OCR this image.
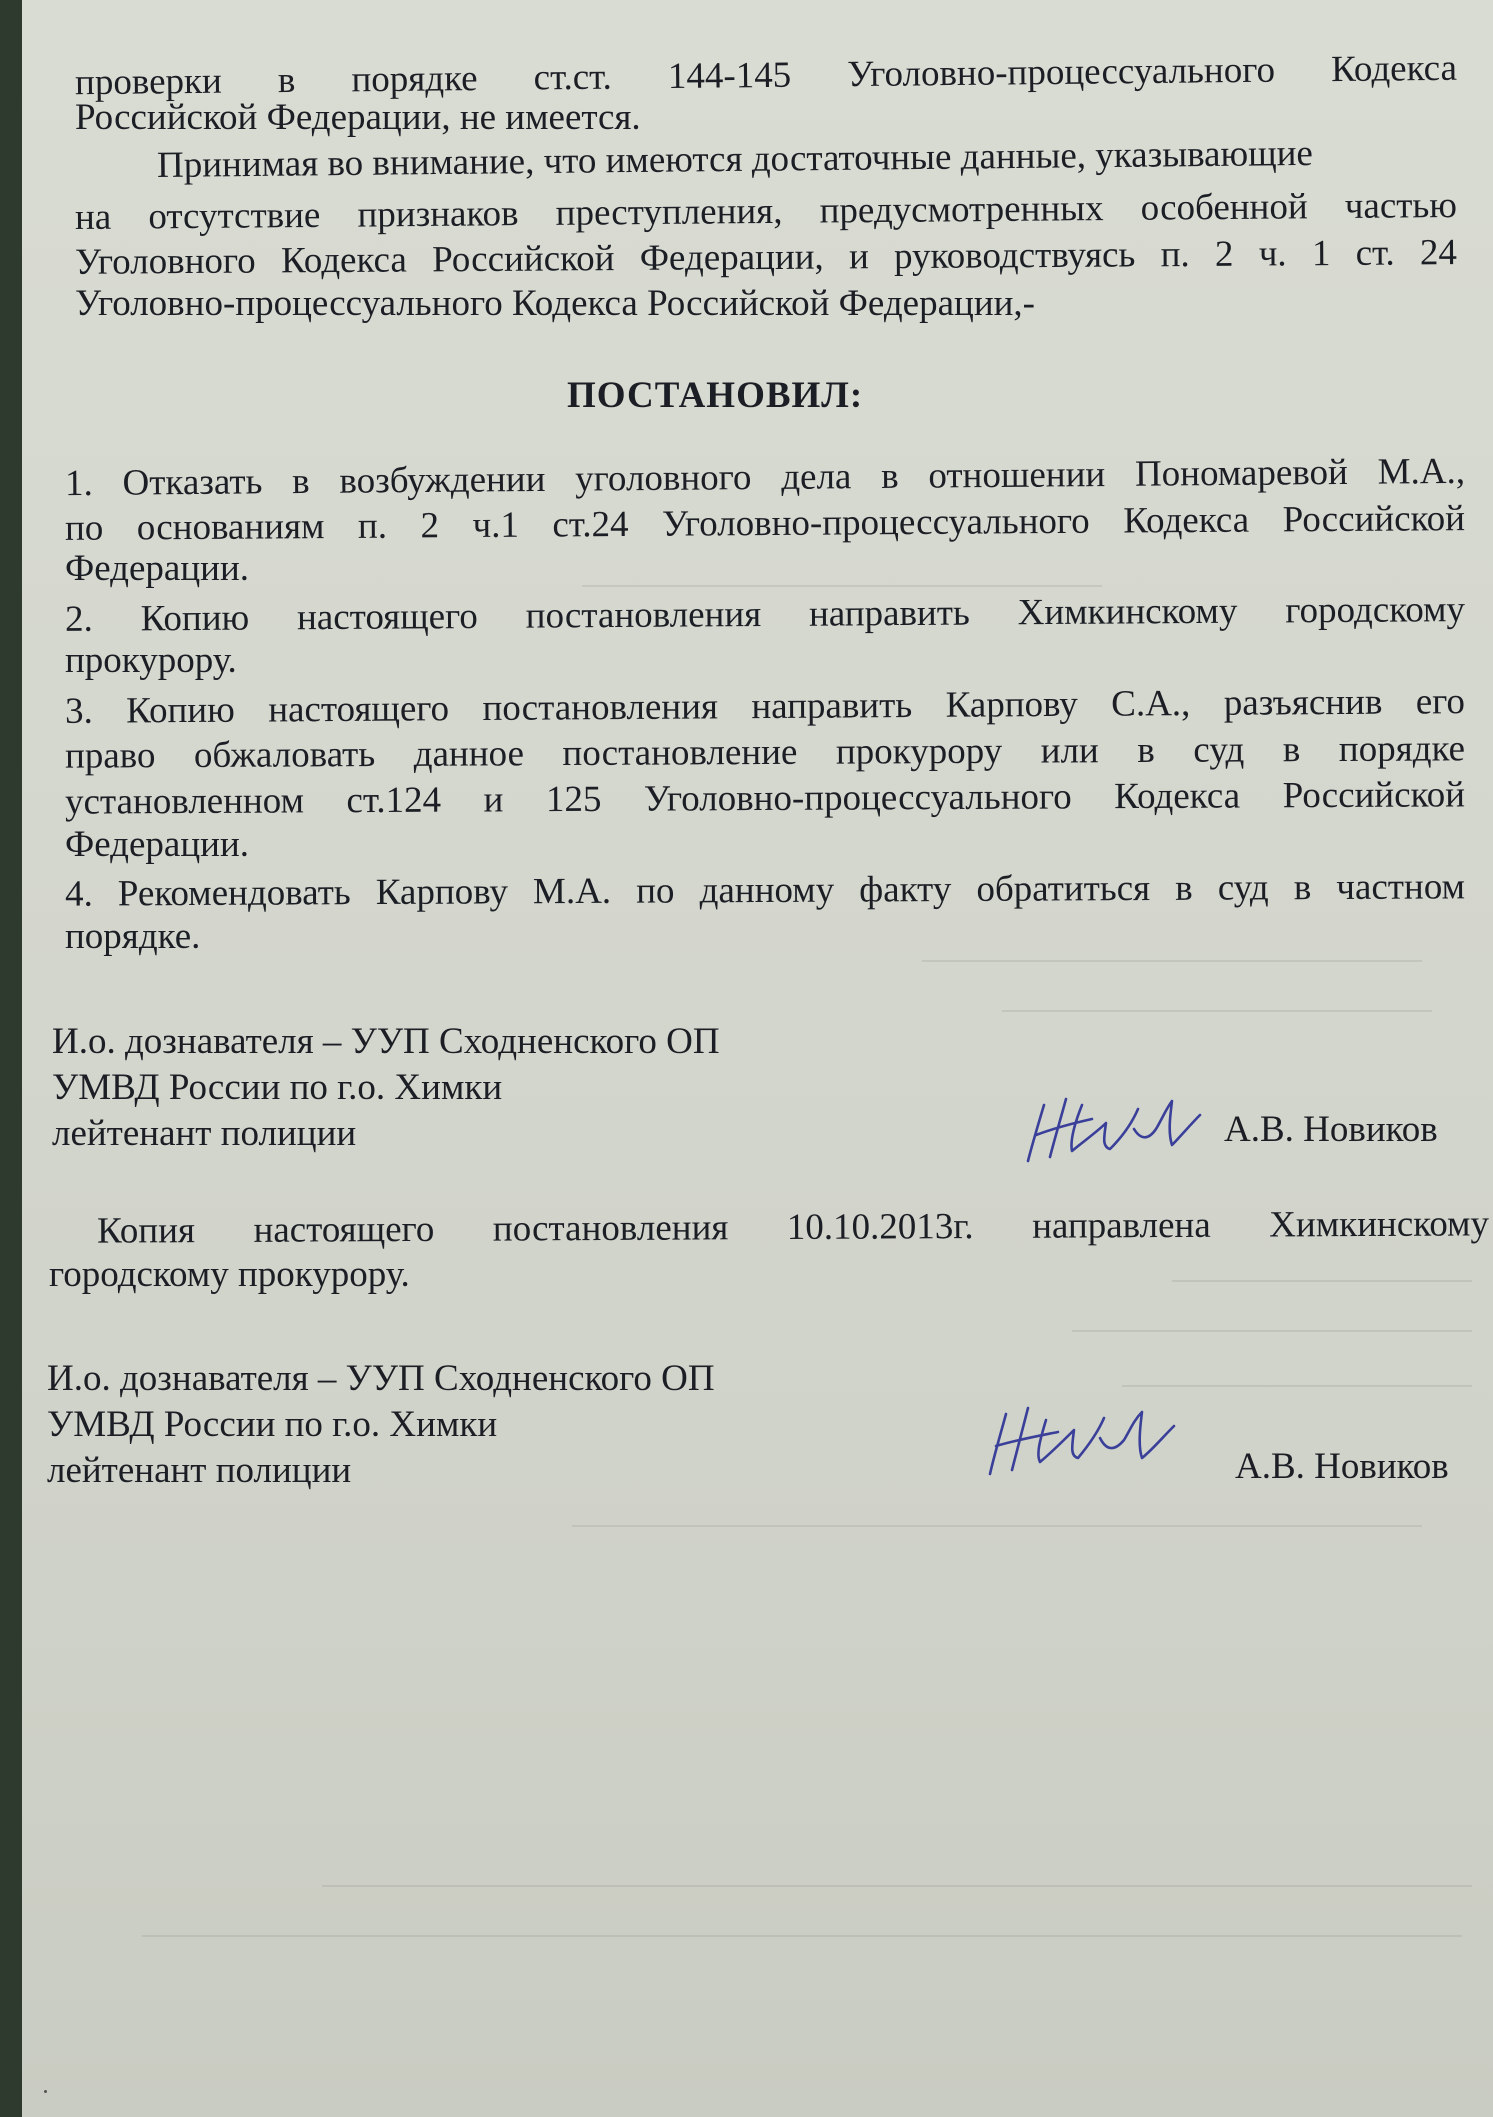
проверки в порядке ст.ст. 144-145 Уголовно-процессуального Кодекса
Российской Федерации, не имеется.
Принимая во внимание, что имеются достаточные данные, указывающие
на отсутствие признаков преступления, предусмотренных особенной частью
Уголовного Кодекса Российской Федерации, и руководствуясь п. 2 ч. 1 ст. 24
Уголовно-процессуального Кодекса Российской Федерации,-
ПОСТАНОВИЛ:
1. Отказать в возбуждении уголовного дела в отношении Пономаревой М.А.,
по основаниям п. 2 ч.1 ст.24 Уголовно-процессуального Кодекса Российской
Федерации.
2. Копию настоящего постановления направить Химкинскому городскому
прокурору.
3. Копию настоящего постановления направить Карпову С.А., разъяснив его
право обжаловать данное постановление прокурору или в суд в порядке
установленном ст.124 и 125 Уголовно-процессуального Кодекса Российской
Федерации.
4. Рекомендовать Карпову М.А. по данному факту обратиться в суд в частном
порядке.
И.о. дознавателя – УУП Сходненского ОП
УМВД России по г.о. Химки
лейтенант полиции	А.В. Новиков
Копия настоящего постановления 10.10.2013г. направлена Химкинскому
городскому прокурору.
И.о. дознавателя – УУП Сходненского ОП
УМВД России по г.о. Химки
лейтенант полиции	А.В. Новиков
